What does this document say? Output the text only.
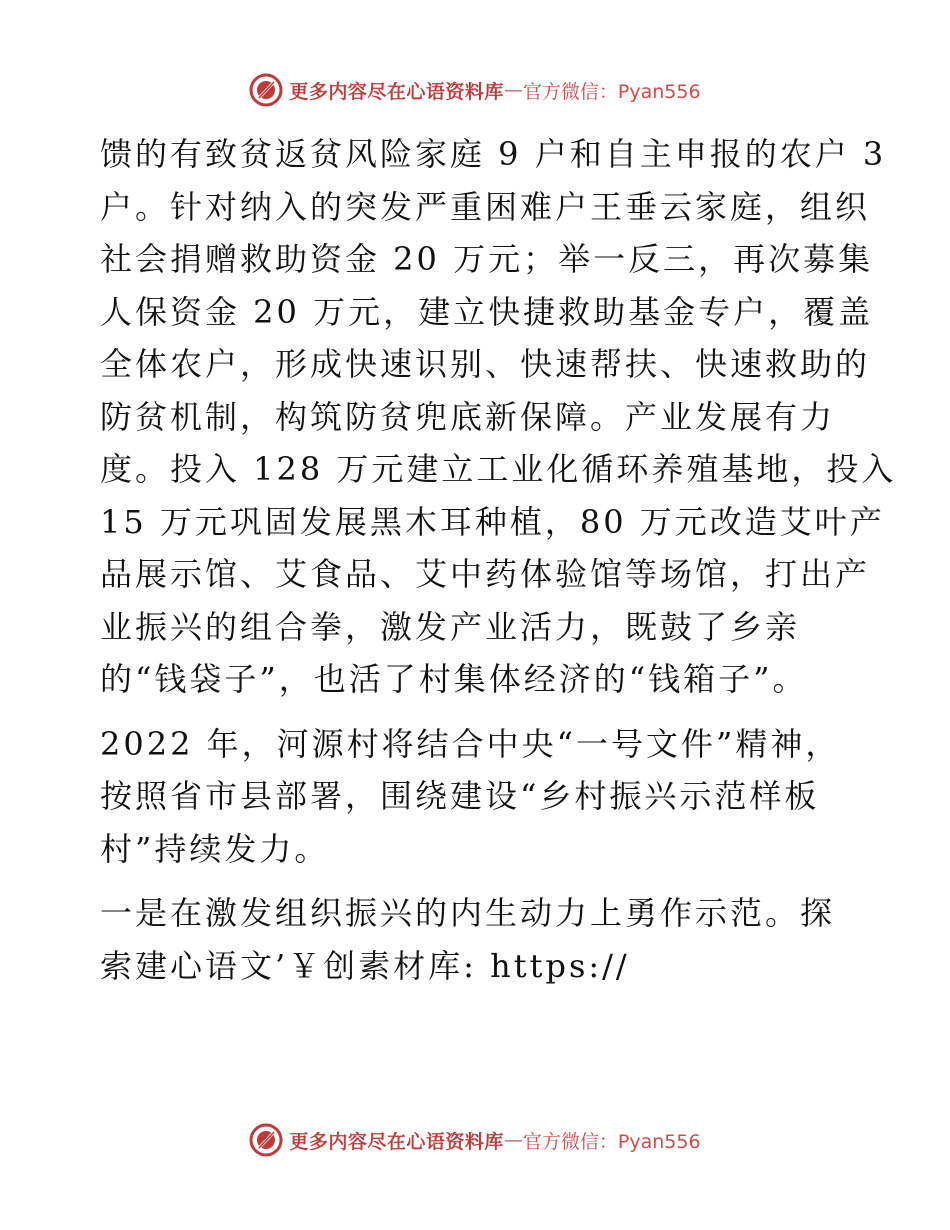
更多内容尽在心语资料库 — 官方微信：Pyan556

馈的有致贫返贫风险家庭 9 户和自主申报的农户 3
户。针对纳入的突发严重困难户王垂云家庭，组织
社会捐赠救助资金 20 万元；举一反三，再次募集
人保资金 20 万元，建立快捷救助基金专户，覆盖
全体农户，形成快速识别、快速帮扶、快速救助的
防贫机制，构筑防贫兜底新保障。产业发展有力
度。投入 128 万元建立工业化循环养殖基地，投入
15 万元巩固发展黑木耳种植，80 万元改造艾叶产
品展示馆、艾食品、艾中药体验馆等场馆，打出产
业振兴的组合拳，激发产业活力，既鼓了乡亲
的“钱袋子”，也活了村集体经济的“钱箱子”。

2022 年，河源村将结合中央“一号文件”精神，
按照省市县部署，围绕建设“乡村振兴示范样板
村”持续发力。

一是在激发组织振兴的内生动力上勇作示范。探
索建心语文’￥创素材库: https://

更多内容尽在心语资料库 — 官方微信：Pyan556
